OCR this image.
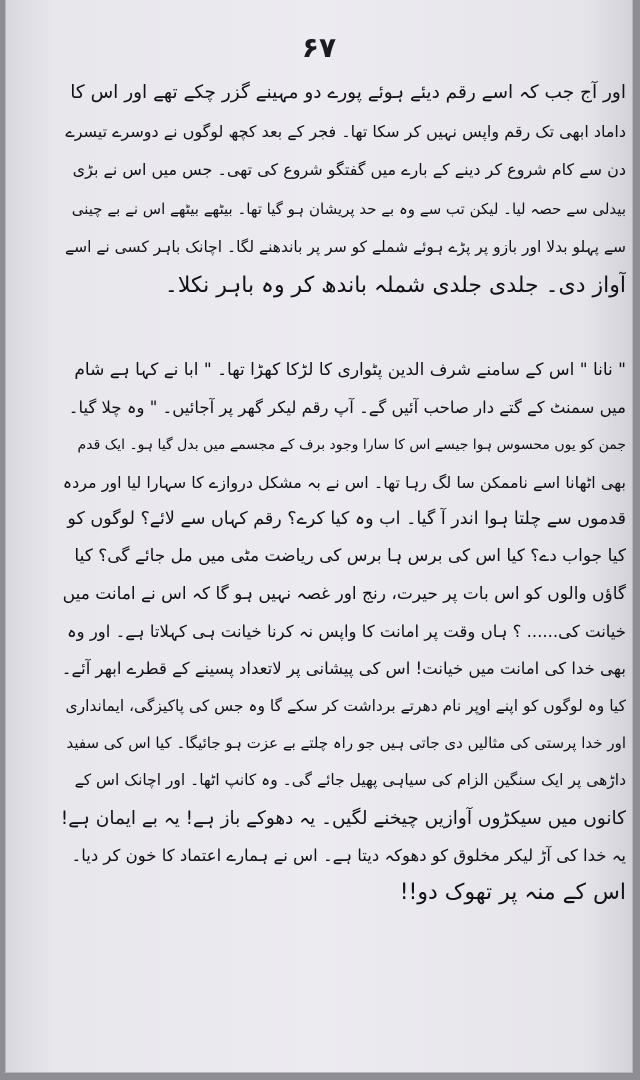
۶۷
اور آج جب کہ اسے رقم دیئے ہوئے پورے دو مہینے گزر چکے تھے اور اس کا
داماد ابھی تک رقم واپس نہیں کر سکا تھا۔ فجر کے بعد کچھ لوگوں نے دوسرے تیسرے
دن سے کام شروع کر دینے کے بارے میں گفتگو شروع کی تھی۔ جس میں اس نے بڑی
بیدلی سے حصہ لیا۔ لیکن تب سے وہ بے حد پریشان ہو گیا تھا۔ بیٹھے بیٹھے اس نے بے چینی
سے پہلو بدلا اور بازو پر پڑے ہوئے شملے کو سر پر باندھنے لگا۔ اچانک باہر کسی نے اسے
آواز دی۔ جلدی جلدی شملہ باندھ کر وہ باہر نکلا۔
" نانا " اس کے سامنے شرف الدین پٹواری کا لڑکا کھڑا تھا۔ " ابا نے کہا ہے شام
میں سمنٹ کے گتے دار صاحب آئیں گے۔ آپ رقم لیکر گھر پر آجائیں۔ " وہ چلا گیا۔
جمن کو یوں محسوس ہوا جیسے اس کا سارا وجود برف کے مجسمے میں بدل گیا ہو۔ ایک قدم
بھی اٹھانا اسے ناممکن سا لگ رہا تھا۔ اس نے بہ مشکل دروازے کا سہارا لیا اور مردہ
قدموں سے چلتا ہوا اندر آ گیا۔ اب وہ کیا کرے؟ رقم کہاں سے لائے؟ لوگوں کو
کیا جواب دے؟ کیا اس کی برس ہا برس کی ریاضت مٹی میں مل جائے گی؟ کیا
گاؤں والوں کو اس بات پر حیرت، رنج اور غصہ نہیں ہو گا کہ اس نے امانت میں
خیانت کی...... ؟ ہاں وقت پر امانت کا واپس نہ کرنا خیانت ہی کہلاتا ہے۔ اور وہ
بھی خدا کی امانت میں خیانت! اس کی پیشانی پر لاتعداد پسینے کے قطرے ابھر آئے۔
کیا وہ لوگوں کو اپنے اوپر نام دھرتے برداشت کر سکے گا وہ جس کی پاکیزگی، ایمانداری
اور خدا پرستی کی مثالیں دی جاتی ہیں جو راہ چلتے بے عزت ہو جائیگا۔ کیا اس کی سفید
داڑھی پر ایک سنگین الزام کی سیاہی پھیل جائے گی۔ وہ کانپ اٹھا۔ اور اچانک اس کے
کانوں میں سیکڑوں آوازیں چیخنے لگیں۔ یہ دھوکے باز ہے! یہ بے ایمان ہے!
یہ خدا کی آڑ لیکر مخلوق کو دھوکہ دیتا ہے۔ اس نے ہمارے اعتماد کا خون کر دیا۔
اس کے منہ پر تھوک دو!!
